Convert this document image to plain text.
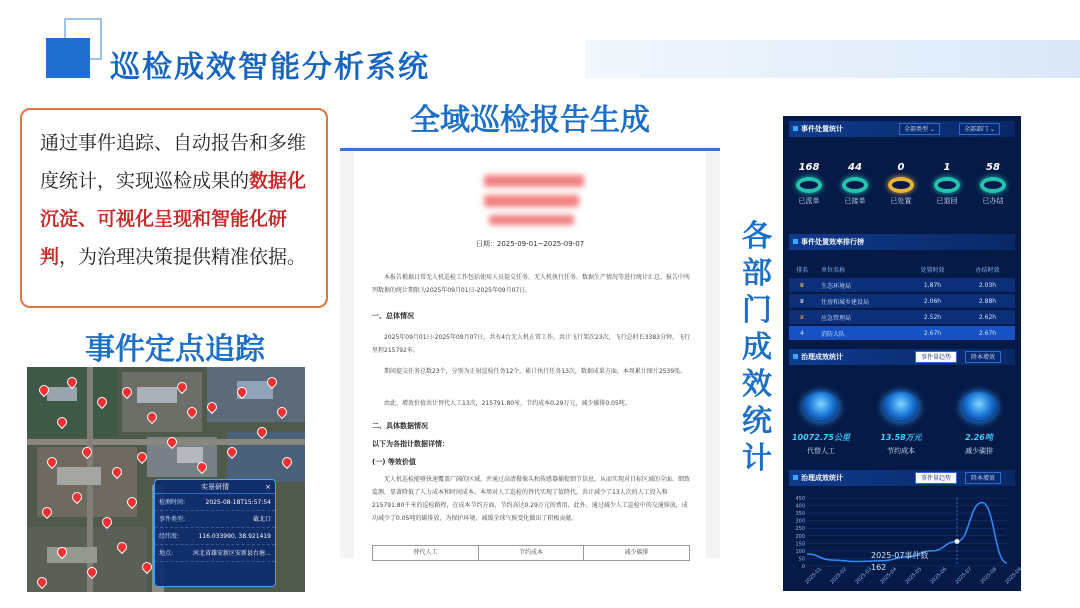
巡检成效智能分析系统
通过事件追踪、自动报告和多维度统计，实现巡检成果的数据化沉淀、可视化呈现和智能化研判，为治理决策提供精准依据。
事件定点追踪
实景研情	×
检测时间:	2025-08-18T15:57:54
事件类型:	截北口
经纬度:	116.033990, 38.921419
地点:	河北省雄安新区安新县台塘…
全域巡检报告生成
日期：2025-09-01~2025-09-07
本报告根据日常无人机巡检工作包括使用人员提交任务、无人机执行任务、数据生产情况等进行统计汇总，报告中所列数据的统计期限为2025年09月01日-2025年09月07日。
一、总体情况
2025年09月01日-2025年09月07日，共有4台无人机正常工作，共计飞行架次23次，飞行总时长3383分钟，飞行里程215792米。
期间提交任务总数23个，分别为正射巡检任务12个。累计执行任务13次，数据成果方面，本周累计图片2539张。
由此，增效价值共计替代人工13次，215791.80米，节约成本0.29万元，减少碳排0.05吨。
二、具体数据情况
以下为各指计数据详情：
(一) 等效价值
无人机巡检能够快速覆盖广阔的区域，并通过高清摄像头和传感器捕捉细节信息，从而实现对目标区域的全面、细致监测。显著降低了人力成本和时间成本。本周对人工巡检的替代实现了值降代，共计减少了13人次的人工投入和215791.80千米的巡检路程，在成本节约方面，节约高达0.29万元的费用，此外，通过减少人工巡检中的交通排放，成功减少了0.05吨的碳排放，为保护环境、减缓全球气候变化做出了积极贡献。
替代人工	节约成本	减少碳排
各部门成效统计
事件处置统计	全部类型 ⌄	全部部门 ⌄
168
已派单
44
已接单
0
已处置
1
已退回
58
已办结
事件处置效率排行榜
排名	单位名称	处置时效	办结时效
♛	生态环境局	1.87h	2.03h
♛	住房和城乡建设局	2.06h	2.88h
♛	应急管理局	2.52h	2.62h
4	消防大队	2.67h	2.67h
治理成效统计	事件量趋势	降本增效
10072.75公里
代替人工
13.58万元
节约成本
2.26吨
减少碳排
治理成效统计	事件量趋势	降本增效
450
400
350
300
250
200
150
100
50
0 2025-01 2025-02 2025-03 2025-04 2025-05 2025-06 2025-07 2025-08 2025-09
2025-07事件数
162
